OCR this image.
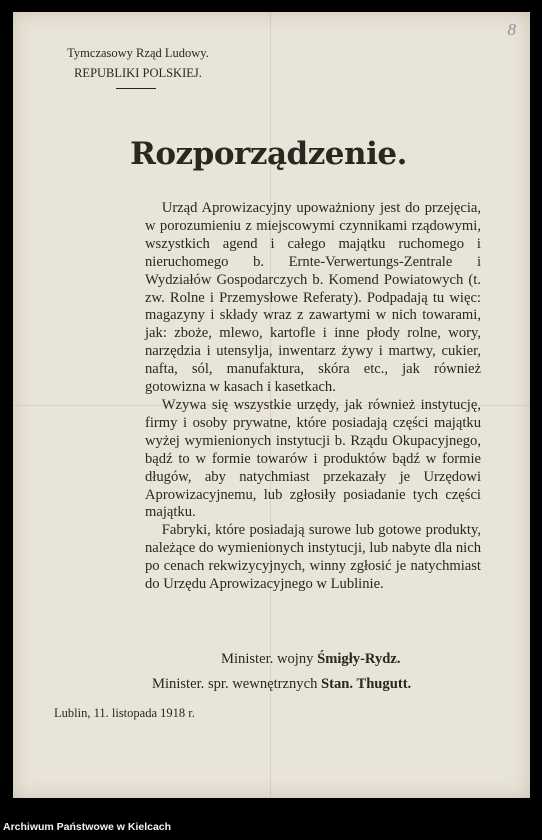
8
Tymczasowy Rząd Ludowy.
REPUBLIKI POLSKIEJ.
Rozporządzenie.

Urząd Aprowizacyjny upoważniony jest do przejęcia, w porozumieniu z miejscowymi czynnikami rządowymi, wszystkich agend i całego majątku ruchomego i nieruchomego b. Ernte-Verwertungs-Zentrale i Wydziałów Gospodarczych b. Komend Powiatowych (t. zw. Rolne i Przemysłowe Referaty). Podpadają tu więc: magazyny i składy wraz z zawartymi w nich towarami, jak: zboże, mlewo, kartofle i inne płody rolne, wory, narzędzia i utensylja, inwentarz żywy i martwy, cukier, nafta, sól, manufaktura, skóra etc., jak również gotowizna w kasach i kasetkach.

Wzywa się wszystkie urzędy, jak również instytucję, firmy i osoby prywatne, które posiadają części majątku wyżej wymienionych instytucji b. Rządu Okupacyjnego, bądź to w formie towarów i produktów bądź w formie długów, aby natychmiast przekazały je Urzędowi Aprowizacyjnemu, lub zgłosiły posiadanie tych części majątku.

Fabryki, które posiadają surowe lub gotowe produkty, należące do wymienionych instytucji, lub nabyte dla nich po cenach rekwizycyjnych, winny zgłosić je natychmiast do Urzędu Aprowizacyjnego w Lublinie.

Minister. wojny Śmigły-Rydz.
Minister. spr. wewnętrznych Stan. Thugutt.
Lublin, 11. listopada 1918 r.
Archiwum Państwowe w Kielcach
